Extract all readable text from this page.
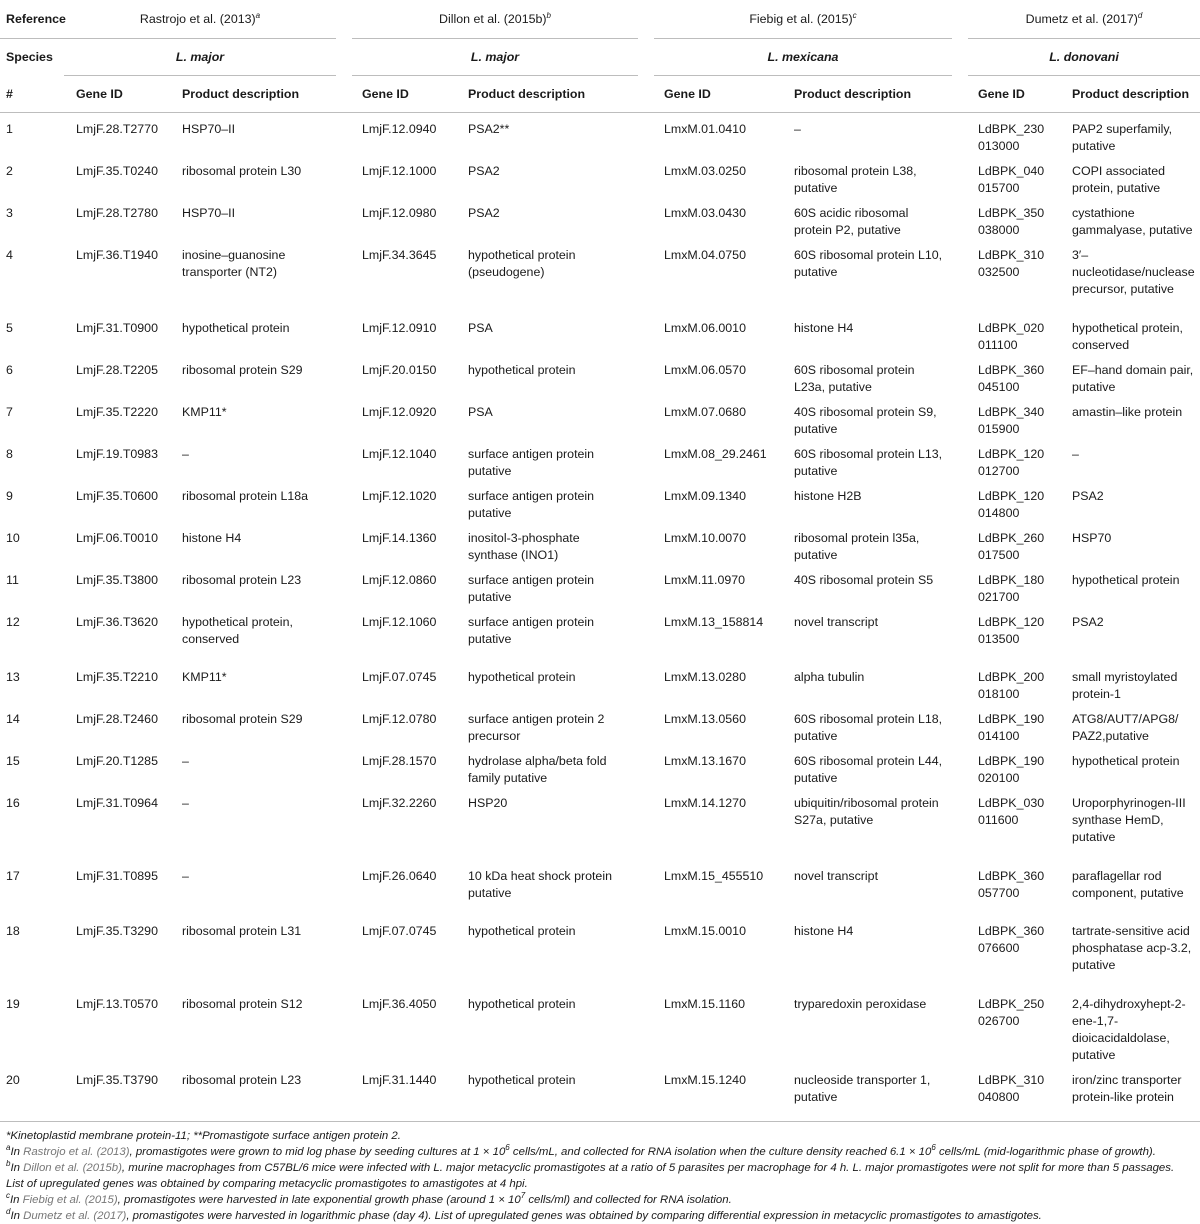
Reference	Rastrojo et al. $(2013)^a$			Dillon et al. $(2015b)^b$			Fiebig et al. $(2015)^c$			Dumetz et al. $(2017)^d$
Species	L. major			L. major			L. mexicana			L. donovani	
#	Gene ID	Product description		Gene ID	Product description		Gene ID	Product description		Gene ID	Product description
1	LmjF.28.T2770	HSP70–II		LmjF.12.0940	PSA2**		LmxM.01.0410	–		LdBPK_230 013000	PAP2 superfamily, putative
2	LmjF.35.T0240	ribosomal protein L30		LmjF.12.1000	PSA2		LmxM.03.0250	ribosomal protein L38, putative		LdBPK_040 015700	COPI associated protein, putative
3	LmjF.28.T2780	HSP70–II		LmjF.12.0980	PSA2		LmxM.03.0430	60S acidic ribosomal protein P2, putative		LdBPK_350 038000	cystathione gammalyase, putative
4	LmjF.36.T1940	inosine–guanosine transporter (NT2)		LmjF.34.3645	hypothetical protein (pseudogene)		LmxM.04.0750	60S ribosomal protein L10, putative		LdBPK_310 032500	3′– nucleotidase/nuclease precursor, putative
5	LmjF.31.T0900	hypothetical protein		LmjF.12.0910	PSA		LmxM.06.0010	histone H4		LdBPK_020 011100	hypothetical protein, conserved
6	LmjF.28.T2205	ribosomal protein S29		LmjF.20.0150	hypothetical protein		LmxM.06.0570	60S ribosomal protein L23a, putative		LdBPK_360 045100	EF–hand domain pair, putative
7	LmjF.35.T2220	KMP11*		LmjF.12.0920	PSA		LmxM.07.0680	40S ribosomal protein S9, putative		LdBPK_340 015900	amastin–like protein
8	LmjF.19.T0983	–		LmjF.12.1040	surface antigen protein putative		LmxM.08_29.2461	60S ribosomal protein L13, putative		LdBPK_120 012700	–
9	LmjF.35.T0600	ribosomal protein L18a		LmjF.12.1020	surface antigen protein putative		LmxM.09.1340	histone H2B		LdBPK_120 014800	PSA2
10	LmjF.06.T0010	histone H4		LmjF.14.1360	inositol-3-phosphate synthase (INO1)		LmxM.10.0070	ribosomal protein l35a, putative		LdBPK_260 017500	HSP70
11	LmjF.35.T3800	ribosomal protein L23		LmjF.12.0860	surface antigen protein putative		LmxM.11.0970	40S ribosomal protein S5		LdBPK_180 021700	hypothetical protein
12	LmjF.36.T3620	hypothetical protein, conserved		LmjF.12.1060	surface antigen protein putative		LmxM.13_158814	novel transcript		LdBPK_120 013500	PSA2
13	LmjF.35.T2210	KMP11*		LmjF.07.0745	hypothetical protein		LmxM.13.0280	alpha tubulin		LdBPK_200 018100	small myristoylated protein-1
14	LmjF.28.T2460	ribosomal protein S29		LmjF.12.0780	surface antigen protein 2 precursor		LmxM.13.0560	60S ribosomal protein L18, putative		LdBPK_190 014100	ATG8/AUT7/APG8/ PAZ2,putative
15	LmjF.20.T1285	–		LmjF.28.1570	hydrolase alpha/beta fold family putative		LmxM.13.1670	60S ribosomal protein L44, putative		LdBPK_190 020100	hypothetical protein
16	LmjF.31.T0964	–		LmjF.32.2260	HSP20		LmxM.14.1270	ubiquitin/ribosomal protein S27a, putative		LdBPK_030 011600	Uroporphyrinogen-III synthase HemD, putative
17	LmjF.31.T0895	–		LmjF.26.0640	10 kDa heat shock protein putative		LmxM.15_455510	novel transcript		LdBPK_360 057700	paraflagellar rod component, putative
18	LmjF.35.T3290	ribosomal protein L31		LmjF.07.0745	hypothetical protein		LmxM.15.0010	histone H4		LdBPK_360 076600	tartrate-sensitive acid phosphatase acp-3.2, putative
19	LmjF.13.T0570	ribosomal protein S12		LmjF.36.4050	hypothetical protein		LmxM.15.1160	tryparedoxin peroxidase		LdBPK_250 026700	2,4-dihydroxyhept-2-ene-1,7-dioicacidaldolase, putative
20	LmjF.35.T3790	ribosomal protein L23		LmjF.31.1440	hypothetical protein		LmxM.15.1240	nucleoside transporter 1, putative		LdBPK_310 040800	iron/zinc transporter protein-like protein

*Kinetoplastid membrane protein-11; **Promastigote surface antigen protein 2.

$^a$In Rastrojo et al. (2013), promastigotes were grown to mid log phase by seeding cultures at $1 \times 10^6$ cells/mL, and collected for RNA isolation when the culture density reached $6.1 \times 10^6$ cells/mL (mid-logarithmic phase of growth).

$^b$In Dillon et al. (2015b), murine macrophages from C57BL/6 mice were infected with L. major metacyclic promastigotes at a ratio of 5 parasites per macrophage for 4 h. L. major promastigotes were not split for more than 5 passages. List of upregulated genes was obtained by comparing metacyclic promastigotes to amastigotes at 4 hpi.

$^c$In Fiebig et al. (2015), promastigotes were harvested in late exponential growth phase (around $1 \times 10^7$ cells/ml) and collected for RNA isolation.

$^d$In Dumetz et al. (2017), promastigotes were harvested in logarithmic phase (day 4). List of upregulated genes was obtained by comparing differential expression in metacyclic promastigotes to amastigotes.
